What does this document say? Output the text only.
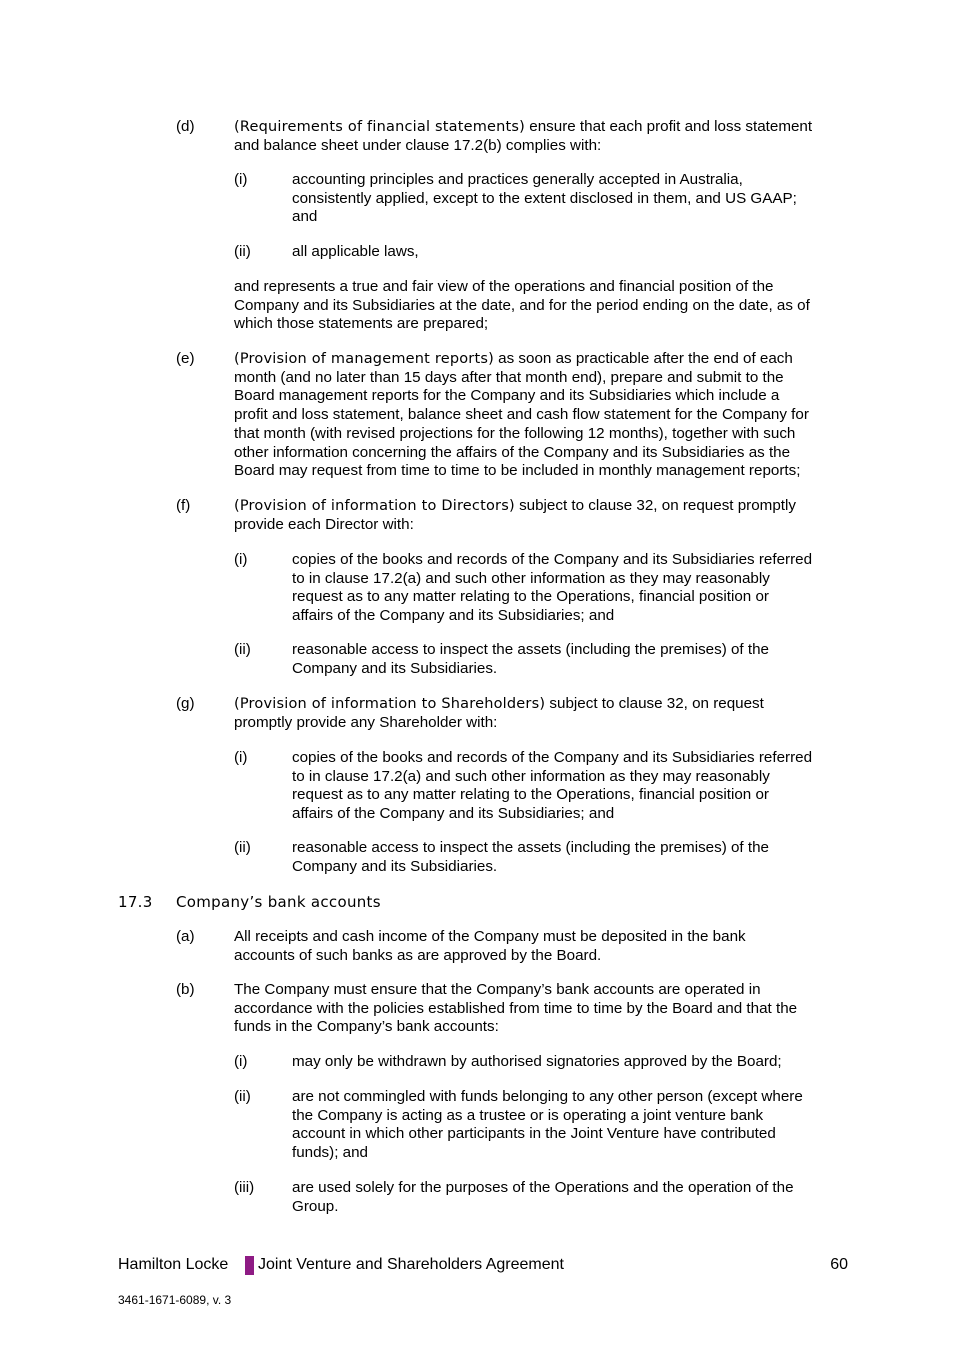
(d)	(Requirements of financial statements) ensure that each profit and loss statement
and balance sheet under clause 17.2(b) complies with:
(i)	accounting principles and practices generally accepted in Australia,
consistently applied, except to the extent disclosed in them, and US GAAP;
and
(ii)	all applicable laws,
and represents a true and fair view of the operations and financial position of the
Company and its Subsidiaries at the date, and for the period ending on the date, as of
which those statements are prepared;
(e)	(Provision of management reports) as soon as practicable after the end of each
month (and no later than 15 days after that month end), prepare and submit to the
Board management reports for the Company and its Subsidiaries which include a
profit and loss statement, balance sheet and cash flow statement for the Company for
that month (with revised projections for the following 12 months), together with such
other information concerning the affairs of the Company and its Subsidiaries as the
Board may request from time to time to be included in monthly management reports;
(f)	(Provision of information to Directors) subject to clause 32, on request promptly
provide each Director with:
(i)	copies of the books and records of the Company and its Subsidiaries referred
to in clause 17.2(a) and such other information as they may reasonably
request as to any matter relating to the Operations, financial position or
affairs of the Company and its Subsidiaries; and
(ii)	reasonable access to inspect the assets (including the premises) of the
Company and its Subsidiaries.
(g)	(Provision of information to Shareholders) subject to clause 32, on request
promptly provide any Shareholder with:
(i)	copies of the books and records of the Company and its Subsidiaries referred
to in clause 17.2(a) and such other information as they may reasonably
request as to any matter relating to the Operations, financial position or
affairs of the Company and its Subsidiaries; and
(ii)	reasonable access to inspect the assets (including the premises) of the
Company and its Subsidiaries.
17.3 Company’s bank accounts
(a)	All receipts and cash income of the Company must be deposited in the bank
accounts of such banks as are approved by the Board.
(b)	The Company must ensure that the Company’s bank accounts are operated in
accordance with the policies established from time to time by the Board and that the
funds in the Company’s bank accounts:
(i)	may only be withdrawn by authorised signatories approved by the Board;
(ii)	are not commingled with funds belonging to any other person (except where
the Company is acting as a trustee or is operating a joint venture bank
account in which other participants in the Joint Venture have contributed
funds); and
(iii) are used solely for the purposes of the Operations and the operation of the
Group.
Hamilton Locke Joint Venture and Shareholders Agreement	60
3461-1671-6089, v. 3
